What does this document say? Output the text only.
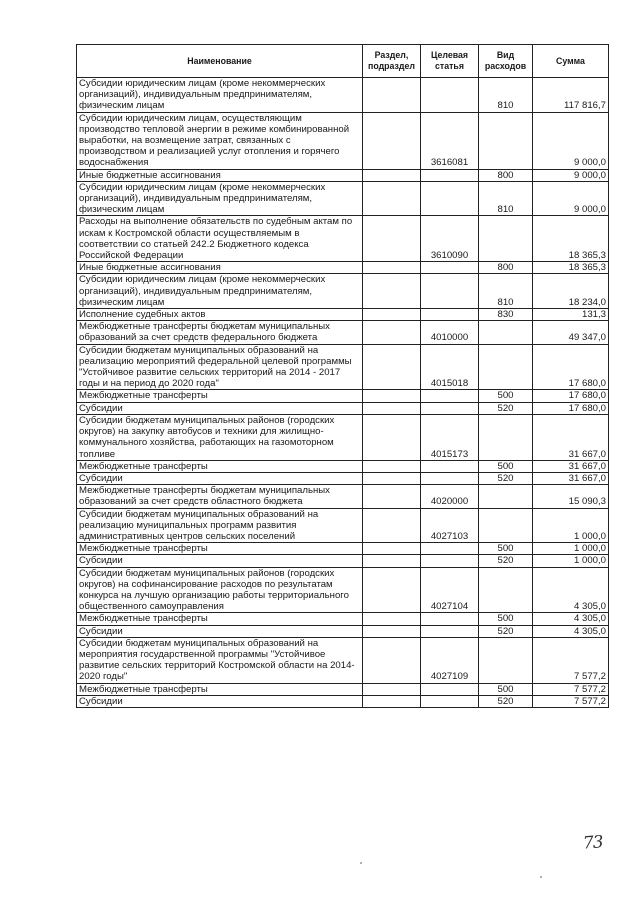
Наименование	Раздел, подраздел	Целевая статья	Вид расходов	Сумма
Субсидии юридическим лицам (кроме некоммерческих организаций), индивидуальным предпринимателям, физическим лицам			810	117 816,7
Субсидии юридическим лицам, осуществляющим производство тепловой энергии в режиме комбинированной выработки, на возмещение затрат, связанных с производством и реализацией услуг отопления и горячего водоснабжения		3616081		9 000,0
Иные бюджетные ассигнования			800	9 000,0
Субсидии юридическим лицам (кроме некоммерческих организаций), индивидуальным предпринимателям, физическим лицам			810	9 000,0
Расходы на выполнение обязательств по судебным актам по искам к Костромской области осуществляемым в соответствии со статьей 242.2 Бюджетного кодекса Российской Федерации		3610090		18 365,3
Иные бюджетные ассигнования			800	18 365,3
Субсидии юридическим лицам (кроме некоммерческих организаций), индивидуальным предпринимателям, физическим лицам			810	18 234,0
Исполнение судебных актов			830	131,3
Межбюджетные трансферты бюджетам муниципальных образований за счет средств федерального бюджета		4010000		49 347,0
Субсидии бюджетам муниципальных образований на реализацию мероприятий федеральной целевой программы "Устойчивое развитие сельских территорий на 2014 - 2017 годы и на период до 2020 года"		4015018		17 680,0
Межбюджетные трансферты			500	17 680,0
Субсидии			520	17 680,0
Субсидии бюджетам муниципальных районов (городских округов) на закупку автобусов и техники для жилищно-коммунального хозяйства, работающих на газомоторном топливе		4015173		31 667,0
Межбюджетные трансферты			500	31 667,0
Субсидии			520	31 667,0
Межбюджетные трансферты бюджетам муниципальных образований за счет средств областного бюджета		4020000		15 090,3
Субсидии бюджетам муниципальных образований на реализацию муниципальных программ развития административных центров сельских поселений		4027103		1 000,0
Межбюджетные трансферты			500	1 000,0
Субсидии			520	1 000,0
Субсидии бюджетам муниципальных районов (городских округов) на софинансирование расходов по результатам конкурса на лучшую организацию работы территориального общественного самоуправления		4027104		4 305,0
Межбюджетные трансферты			500	4 305,0
Субсидии			520	4 305,0
Субсидии бюджетам муниципальных образований на мероприятия государственной программы "Устойчивое развитие сельских территорий Костромской области на 2014-2020 годы"		4027109		7 577,2
Межбюджетные трансферты			500	7 577,2
Субсидии			520	7 577,2
73
